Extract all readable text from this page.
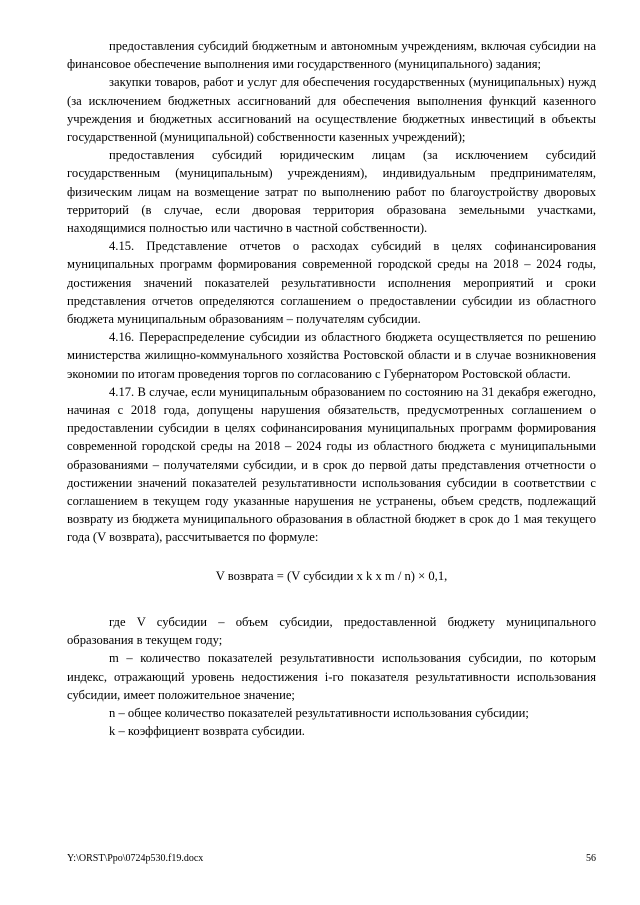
предоставления субсидий бюджетным и автономным учреждениям, включая субсидии на финансовое обеспечение выполнения ими государственного (муниципального) задания;

закупки товаров, работ и услуг для обеспечения государственных (муниципальных) нужд (за исключением бюджетных ассигнований для обеспечения выполнения функций казенного учреждения и бюджетных ассигнований на осуществление бюджетных инвестиций в объекты государственной (муниципальной) собственности казенных учреждений);

предоставления субсидий юридическим лицам (за исключением субсидий государственным (муниципальным) учреждениям), индивидуальным предпринимателям, физическим лицам на возмещение затрат по выполнению работ по благоустройству дворовых территорий (в случае, если дворовая территория образована земельными участками, находящимися полностью или частично в частной собственности).

4.15. Представление отчетов о расходах субсидий в целях софинансирования муниципальных программ формирования современной городской среды на 2018 – 2024 годы, достижения значений показателей результативности исполнения мероприятий и сроки представления отчетов определяются соглашением о предоставлении субсидии из областного бюджета муниципальным образованиям – получателям субсидии.

4.16. Перераспределение субсидии из областного бюджета осуществляется по решению министерства жилищно-коммунального хозяйства Ростовской области и в случае возникновения экономии по итогам проведения торгов по согласованию с Губернатором Ростовской области.

4.17. В случае, если муниципальным образованием по состоянию на 31 декабря ежегодно, начиная с 2018 года, допущены нарушения обязательств, предусмотренных соглашением о предоставлении субсидии в целях софинансирования муниципальных программ формирования современной городской среды на 2018 – 2024 годы из областного бюджета с муниципальными образованиями – получателями субсидии, и в срок до первой даты представления отчетности о достижении значений показателей результативности использования субсидии в соответствии с соглашением в текущем году указанные нарушения не устранены, объем средств, подлежащий возврату из бюджета муниципального образования в областной бюджет в срок до 1 мая текущего года (V возврата), рассчитывается по формуле:

V возврата = (V субсидии x k x m / n) × 0,1,

где V субсидии – объем субсидии, предоставленной бюджету муниципального образования в текущем году;

m – количество показателей результативности использования субсидии, по которым индекс, отражающий уровень недостижения i-го показателя результативности использования субсидии, имеет положительное значение;

n – общее количество показателей результативности использования субсидии;

k – коэффициент возврата субсидии.

Y:\ORST\Ppo\0724p530.f19.docx	56
